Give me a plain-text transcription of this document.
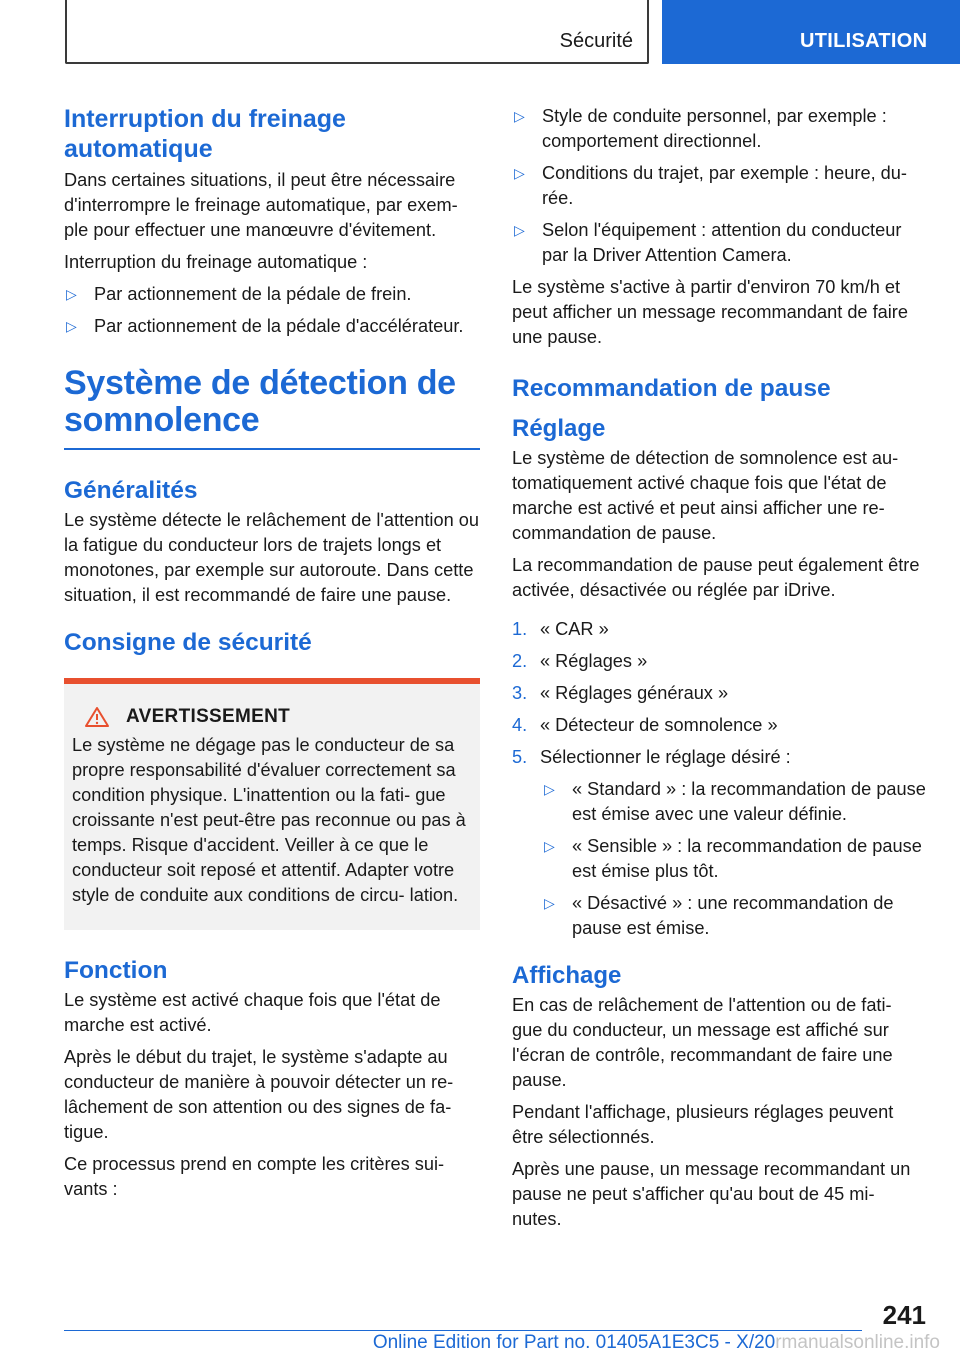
Sécurité	UTILISATION
Interruption du freinage automatique

Dans certaines situations, il peut être nécessaire d'interrompre le freinage automatique, par exem‐ ple pour effectuer une manœuvre d'évitement.

Interruption du freinage automatique :

▷ Par actionnement de la pédale de frein.
▷ Par actionnement de la pédale d'accélérateur.
Système de détection de somnolence
Généralités

Le système détecte le relâchement de l'attention ou la fatigue du conducteur lors de trajets longs et monotones, par exemple sur autoroute. Dans cette situation, il est recommandé de faire une pause.

Consigne de sécurité
AVERTISSEMENT
Le système ne dégage pas le conducteur de sa propre responsabilité d'évaluer correctement sa condition physique. L'inattention ou la fati‐ gue croissante n'est peut-être pas reconnue ou pas à temps. Risque d'accident. Veiller à ce que le conducteur soit reposé et attentif. Adapter votre style de conduite aux conditions de circu‐ lation.
Fonction

Le système est activé chaque fois que l'état de marche est activé.

Après le début du trajet, le système s'adapte au conducteur de manière à pouvoir détecter un re‐ lâchement de son attention ou des signes de fa‐ tigue.

Ce processus prend en compte les critères sui‐ vants :

▷ Style de conduite personnel, par exemple : comportement directionnel.
▷ Conditions du trajet, par exemple : heure, du‐ rée.
▷ Selon l'équipement : attention du conducteur par la Driver Attention Camera.

Le système s'active à partir d'environ 70 km/h et peut afficher un message recommandant de faire une pause.

Recommandation de pause
Réglage

Le système de détection de somnolence est au‐ tomatiquement activé chaque fois que l'état de marche est activé et peut ainsi afficher une re‐ commandation de pause.

La recommandation de pause peut également être activée, désactivée ou réglée par iDrive.

1. « CAR »
2. « Réglages »
3. « Réglages généraux »
4. « Détecteur de somnolence »
5. Sélectionner le réglage désiré :
▷ « Standard » : la recommandation de pause est émise avec une valeur définie.
▷ « Sensible » : la recommandation de pause est émise plus tôt.
▷ « Désactivé » : une recommandation de pause est émise.
Affichage

En cas de relâchement de l'attention ou de fati‐ gue du conducteur, un message est affiché sur l'écran de contrôle, recommandant de faire une pause.

Pendant l'affichage, plusieurs réglages peuvent être sélectionnés.

Après une pause, un message recommandant un pause ne peut s'afficher qu'au bout de 45 mi‐ nutes.

241
Online Edition for Part no. 01405A1E3C5 - X/20rmanualsonline.info
